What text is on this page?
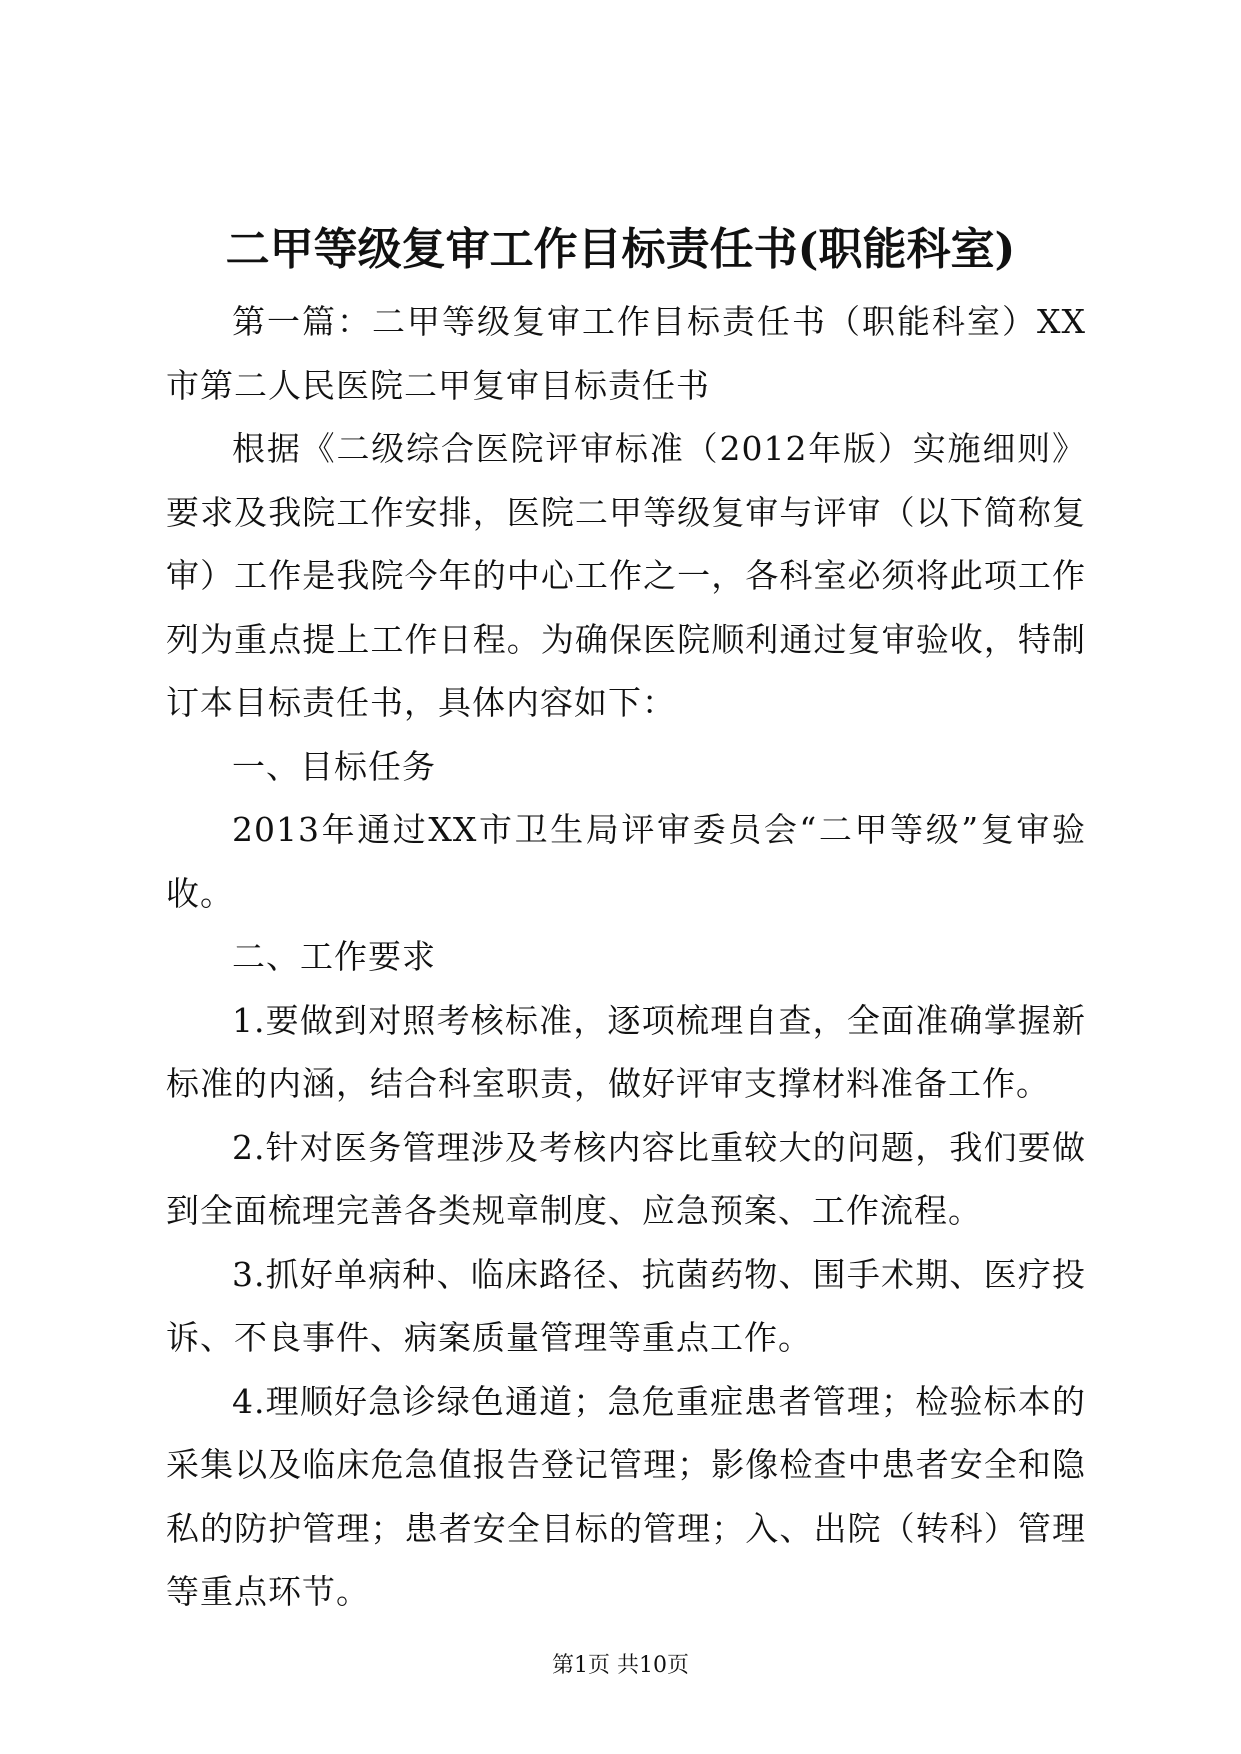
二甲等级复审工作目标责任书(职能科室)

第一篇：二甲等级复审工作目标责任书（职能科室）XX市第二人民医院二甲复审目标责任书

根据《二级综合医院评审标准（2012年版）实施细则》要求及我院工作安排，医院二甲等级复审与评审（以下简称复审）工作是我院今年的中心工作之一，各科室必须将此项工作列为重点提上工作日程。为确保医院顺利通过复审验收，特制订本目标责任书，具体内容如下：

一、目标任务

2013年通过XX市卫生局评审委员会“二甲等级”复审验收。

二、工作要求

1.要做到对照考核标准，逐项梳理自查，全面准确掌握新标准的内涵，结合科室职责，做好评审支撑材料准备工作。

2.针对医务管理涉及考核内容比重较大的问题，我们要做到全面梳理完善各类规章制度、应急预案、工作流程。

3.抓好单病种、临床路径、抗菌药物、围手术期、医疗投诉、不良事件、病案质量管理等重点工作。

4.理顺好急诊绿色通道；急危重症患者管理；检验标本的采集以及临床危急值报告登记管理；影像检查中患者安全和隐私的防护管理；患者安全目标的管理；入、出院（转科）管理等重点环节。

第1页 共10页
